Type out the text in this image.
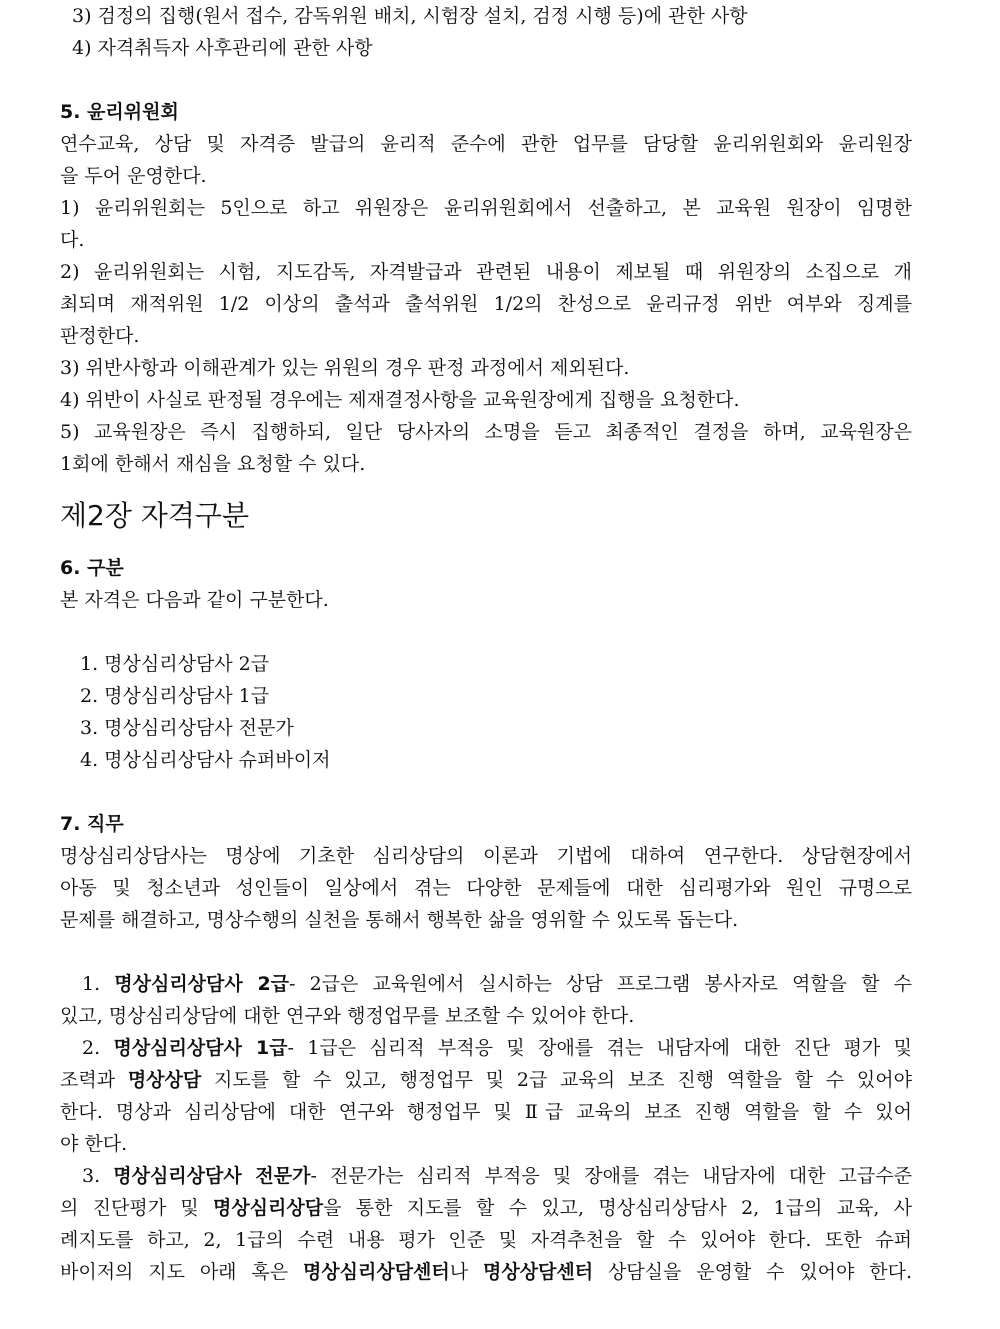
3) 검정의 집행(원서 접수, 감독위원 배치, 시험장 설치, 검정 시행 등)에 관한 사항
4) 자격취득자 사후관리에 관한 사항
5. 윤리위원회
연수교육, 상담 및 자격증 발급의 윤리적 준수에 관한 업무를 담당할 윤리위원회와 윤리원장
을 두어 운영한다.
1) 윤리위원회는 5인으로 하고 위원장은 윤리위원회에서 선출하고, 본 교육원 원장이 임명한
다.
2) 윤리위원회는 시험, 지도감독, 자격발급과 관련된 내용이 제보될 때 위원장의 소집으로 개
최되며 재적위원 1/2 이상의 출석과 출석위원 1/2의 찬성으로 윤리규정 위반 여부와 징계를
판정한다.
3) 위반사항과 이해관계가 있는 위원의 경우 판정 과정에서 제외된다.
4) 위반이 사실로 판정될 경우에는 제재결정사항을 교육원장에게 집행을 요청한다.
5) 교육원장은 즉시 집행하되, 일단 당사자의 소명을 듣고 최종적인 결정을 하며, 교육원장은
1회에 한해서 재심을 요청할 수 있다.
제2장 자격구분
6. 구분
본 자격은 다음과 같이 구분한다.
1. 명상심리상담사 2급
2. 명상심리상담사 1급
3. 명상심리상담사 전문가
4. 명상심리상담사 슈퍼바이저
7. 직무
명상심리상담사는 명상에 기초한 심리상담의 이론과 기법에 대하여 연구한다. 상담현장에서
아동 및 청소년과 성인들이 일상에서 겪는 다양한 문제들에 대한 심리평가와 원인 규명으로
문제를 해결하고, 명상수행의 실천을 통해서 행복한 삶을 영위할 수 있도록 돕는다.
1. 명상심리상담사 2급- 2급은 교육원에서 실시하는 상담 프로그램 봉사자로 역할을 할 수
있고, 명상심리상담에 대한 연구와 행정업무를 보조할 수 있어야 한다.
2. 명상심리상담사 1급- 1급은 심리적 부적응 및 장애를 겪는 내담자에 대한 진단 평가 및
조력과 명상상담 지도를 할 수 있고, 행정업무 및 2급 교육의 보조 진행 역할을 할 수 있어야
한다. 명상과 심리상담에 대한 연구와 행정업무 및 Ⅱ급 교육의 보조 진행 역할을 할 수 있어
야 한다.
3. 명상심리상담사 전문가- 전문가는 심리적 부적응 및 장애를 겪는 내담자에 대한 고급수준
의 진단평가 및 명상심리상담을 통한 지도를 할 수 있고, 명상심리상담사 2, 1급의 교육, 사
례지도를 하고, 2, 1급의 수련 내용 평가 인준 및 자격추천을 할 수 있어야 한다. 또한 슈퍼
바이저의 지도 아래 혹은 명상심리상담센터나 명상상담센터 상담실을 운영할 수 있어야 한다.
